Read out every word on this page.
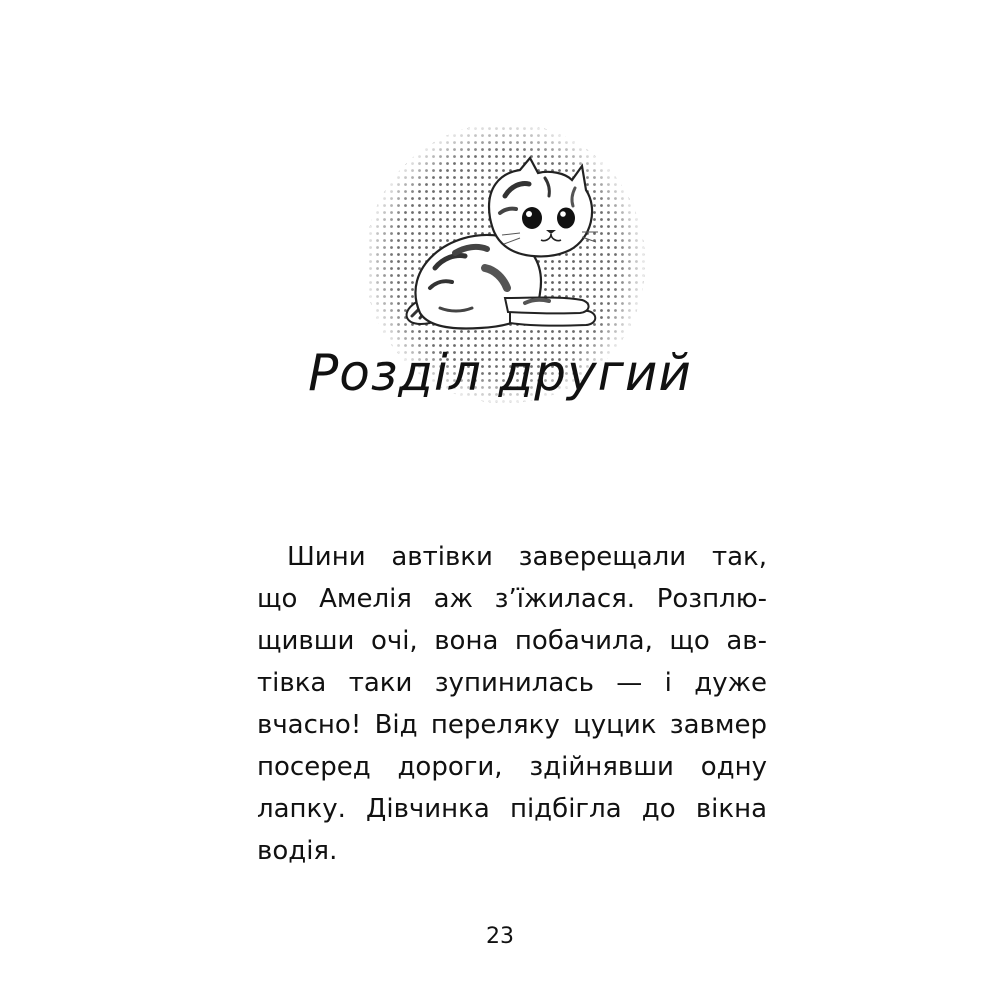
Розділ другий
Шини автівки заверещали так,
що Амелія аж з’їжилася. Розплю-
щивши очі, вона побачила, що ав-
тівка таки зупинилась — і дуже
вчасно! Від переляку цуцик завмер
посеред дороги, здійнявши одну
лапку. Дівчинка підбігла до вікна
водія.
23
